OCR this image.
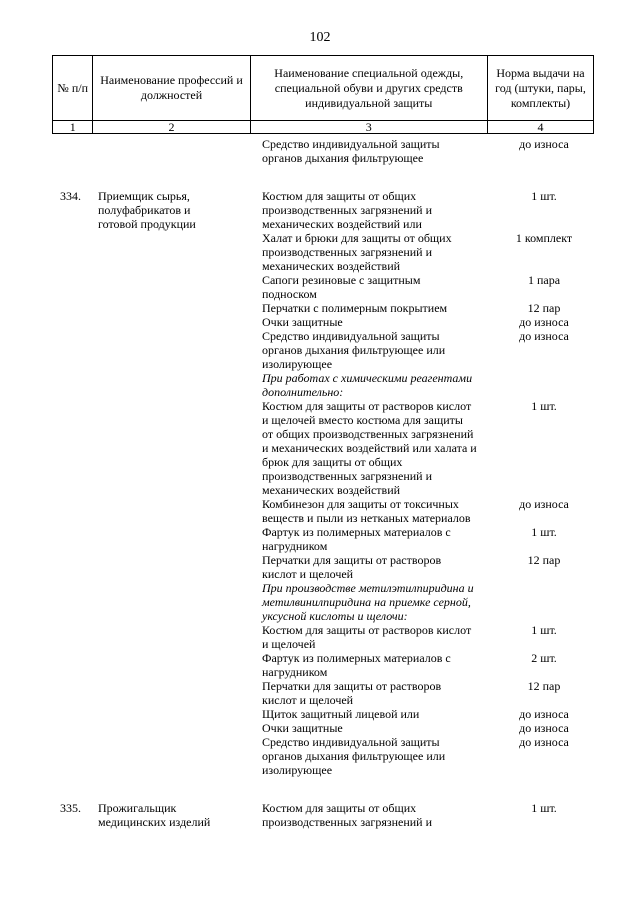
102
№ п/п	Наименование профессий и должностей	Наименование специальной одежды, специальной обуви и других средств индивидуальной защиты	Норма выдачи на год (штуки, пары, комплекты)
1	2	3	4
Средство индивидуальной защиты	до износа
органов дыхания фильтрующее
334.	Приемщик сырья,	Костюм для защиты от общих	1 шт.
полуфабрикатов и	производственных загрязнений и
готовой продукции	механических воздействий или
Халат и брюки для защиты от общих	1 комплект
производственных загрязнений и
механических воздействий
Сапоги резиновые с защитным	1 пара
подноском
Перчатки с полимерным покрытием	12 пар
Очки защитные	до износа
Средство индивидуальной защиты	до износа
органов дыхания фильтрующее или
изолирующее
При работах с химическими реагентами
дополнительно:
Костюм для защиты от растворов кислот	1 шт.
и щелочей вместо костюма для защиты
от общих производственных загрязнений
и механических воздействий или халата и
брюк для защиты от общих
производственных загрязнений и
механических воздействий
Комбинезон для защиты от токсичных	до износа
веществ и пыли из нетканых материалов
Фартук из полимерных материалов с	1 шт.
нагрудником
Перчатки для защиты от растворов	12 пар
кислот и щелочей
При производстве метилэтилпиридина и
метилвинилпиридина на приемке серной,
уксусной кислоты и щелочи:
Костюм для защиты от растворов кислот	1 шт.
и щелочей
Фартук из полимерных материалов с	2 шт.
нагрудником
Перчатки для защиты от растворов	12 пар
кислот и щелочей
Щиток защитный лицевой или	до износа
Очки защитные	до износа
Средство индивидуальной защиты	до износа
органов дыхания фильтрующее или
изолирующее
335.	Прожигальщик	Костюм для защиты от общих	1 шт.
медицинских изделий	производственных загрязнений и
